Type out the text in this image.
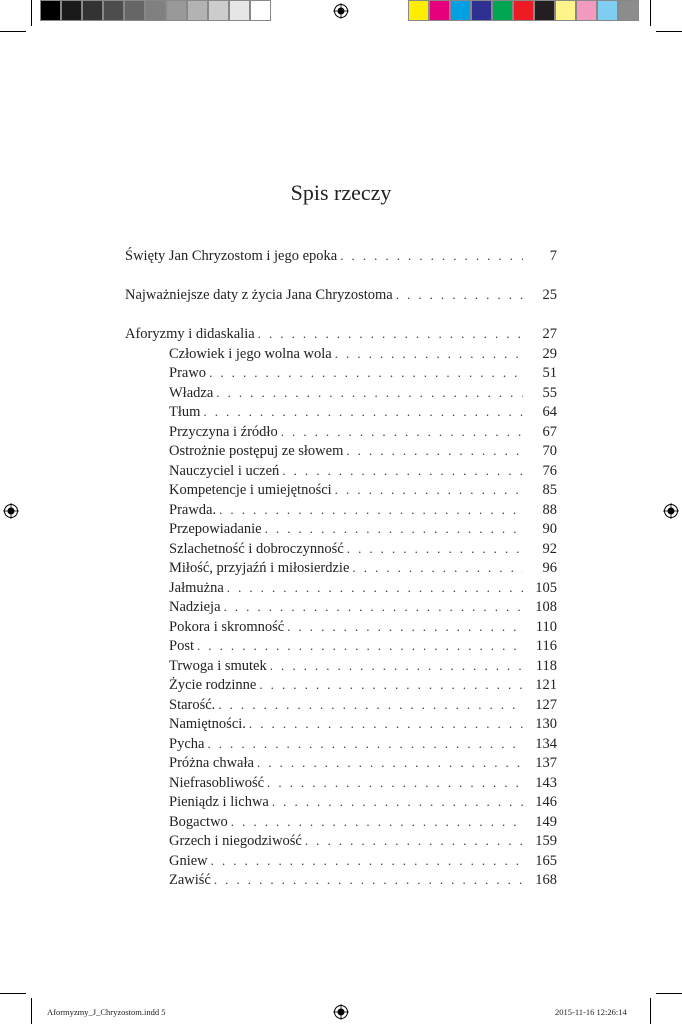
Spis rzeczy
Święty Jan Chryzostom i jego epoka . . .	7
Najważniejsze daty z życia Jana Chryzostoma . . .	25
Aforyzmy i didaskalia . . .	27
Człowiek i jego wolna wola . . .	29
Prawo . . .	51
Władza . . .	55
Tłum . . .	64
Przyczyna i źródło . . .	67
Ostrożnie postępuj ze słowem . . .	70
Nauczyciel i uczeń . . .	76
Kompetencje i umiejętności . . .	85
Prawda. . . .	88
Przepowiadanie . . .	90
Szlachetność i dobroczynność . . .	92
Miłość, przyjaźń i miłosierdzie . . .	96
Jałmużna . . .	105
Nadzieja . . .	108
Pokora i skromność . . .	110
Post . . .	116
Trwoga i smutek . . .	118
Życie rodzinne . . .	121
Starość. . . .	127
Namiętności. . . .	130
Pycha . . .	134
Próżna chwała . . .	137
Niefrasobliwość . . .	143
Pieniądz i lichwa . . .	146
Bogactwo . . .	149
Grzech i niegodziwość . . .	159
Gniew . . .	165
Zawiść . . .	168
Aformyzmy_J_Chryzostom.indd 5	2015-11-16 12:26:14
